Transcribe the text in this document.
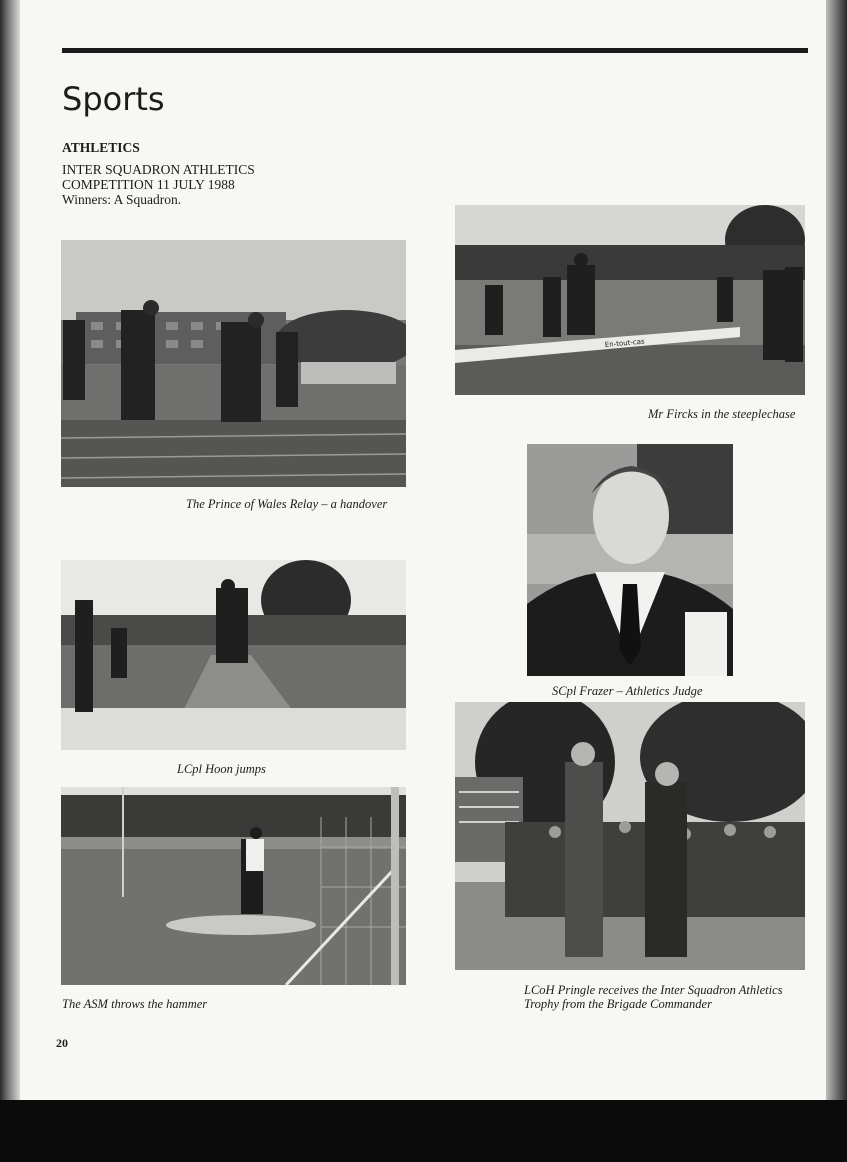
Sports
ATHLETICS
INTER SQUADRON ATHLETICS
COMPETITION 11 JULY 1988
Winners: A Squadron.
The Prince of Wales Relay – a handover
En-tout-cas
Mr Fircks in the steeplechase
SCpl Frazer – Athletics Judge
LCpl Hoon jumps
LCoH Pringle receives the Inter Squadron Athletics
Trophy from the Brigade Commander
The ASM throws the hammer
20
